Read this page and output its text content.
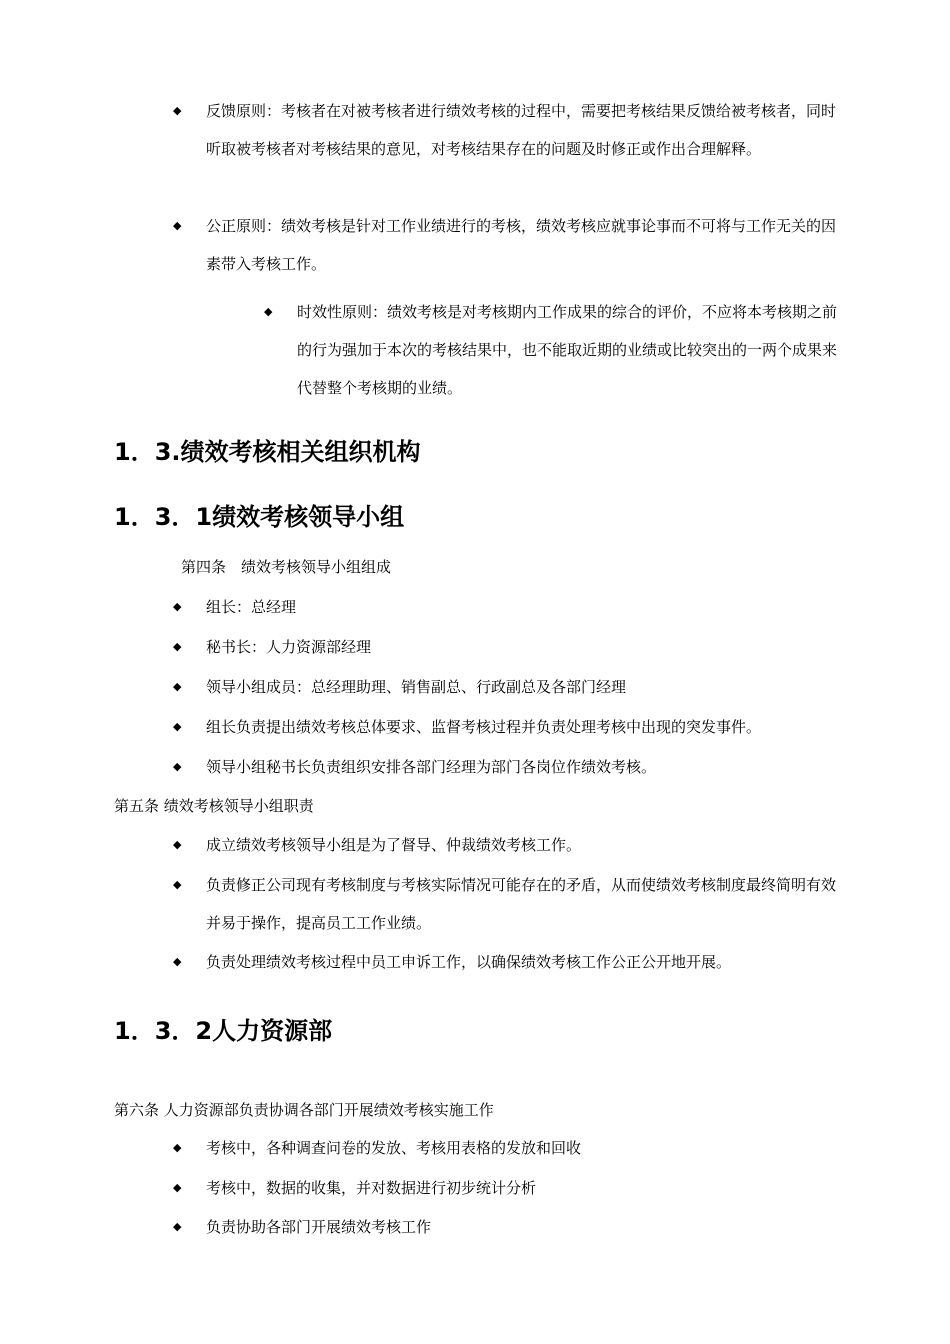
◆ 反馈原则：考核者在对被考核者进行绩效考核的过程中，需要把考核结果反馈给被考核者，同时听取被考核者对考核结果的意见，对考核结果存在的问题及时修正或作出合理解释。
◆ 公正原则：绩效考核是针对工作业绩进行的考核，绩效考核应就事论事而不可将与工作无关的因素带入考核工作。
◆ 时效性原则：绩效考核是对考核期内工作成果的综合的评价，不应将本考核期之前的行为强加于本次的考核结果中，也不能取近期的业绩或比较突出的一两个成果来代替整个考核期的业绩。
1．3.绩效考核相关组织机构
1．3．1绩效考核领导小组
第四条　绩效考核领导小组组成
◆ 组长：总经理
◆ 秘书长：人力资源部经理
◆ 领导小组成员：总经理助理、销售副总、行政副总及各部门经理
◆ 组长负责提出绩效考核总体要求、监督考核过程并负责处理考核中出现的突发事件。
◆ 领导小组秘书长负责组织安排各部门经理为部门各岗位作绩效考核。
第五条 绩效考核领导小组职责
◆ 成立绩效考核领导小组是为了督导、仲裁绩效考核工作。
◆ 负责修正公司现有考核制度与考核实际情况可能存在的矛盾，从而使绩效考核制度最终简明有效并易于操作，提高员工工作业绩。
◆ 负责处理绩效考核过程中员工申诉工作，以确保绩效考核工作公正公开地开展。
1．3．2人力资源部
第六条 人力资源部负责协调各部门开展绩效考核实施工作
◆ 考核中，各种调查问卷的发放、考核用表格的发放和回收
◆ 考核中，数据的收集，并对数据进行初步统计分析
◆ 负责协助各部门开展绩效考核工作
